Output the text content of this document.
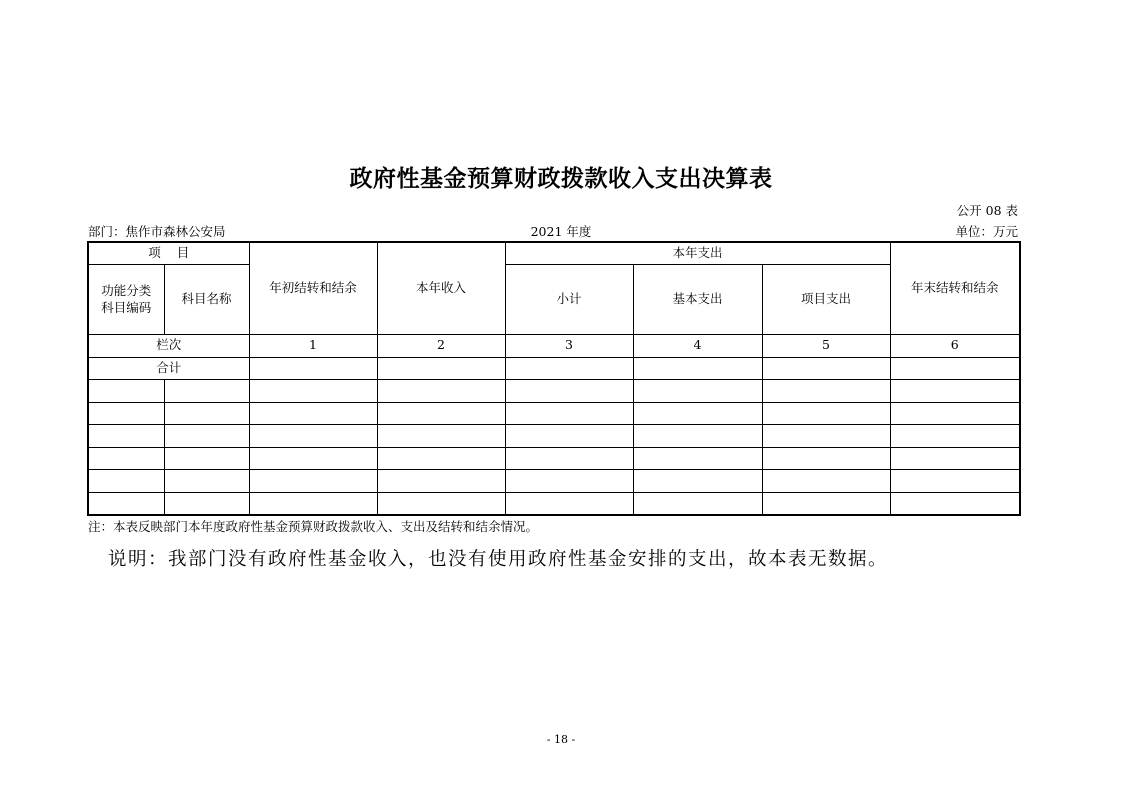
政府性基金预算财政拨款收入支出决算表
公开 08 表
部门：焦作市森林公安局	2021 年度	单位：万元
项    目		年初结转和结余	本年收入	本年支出			年末结转和结余
功能分类科目编码	科目名称			小计	基本支出	项目支出	
栏次		1	2	3	4	5	6
合计							

注：本表反映部门本年度政府性基金预算财政拨款收入、支出及结转和结余情况。
说明：我部门没有政府性基金收入，也没有使用政府性基金安排的支出，故本表无数据。
- 18 -
